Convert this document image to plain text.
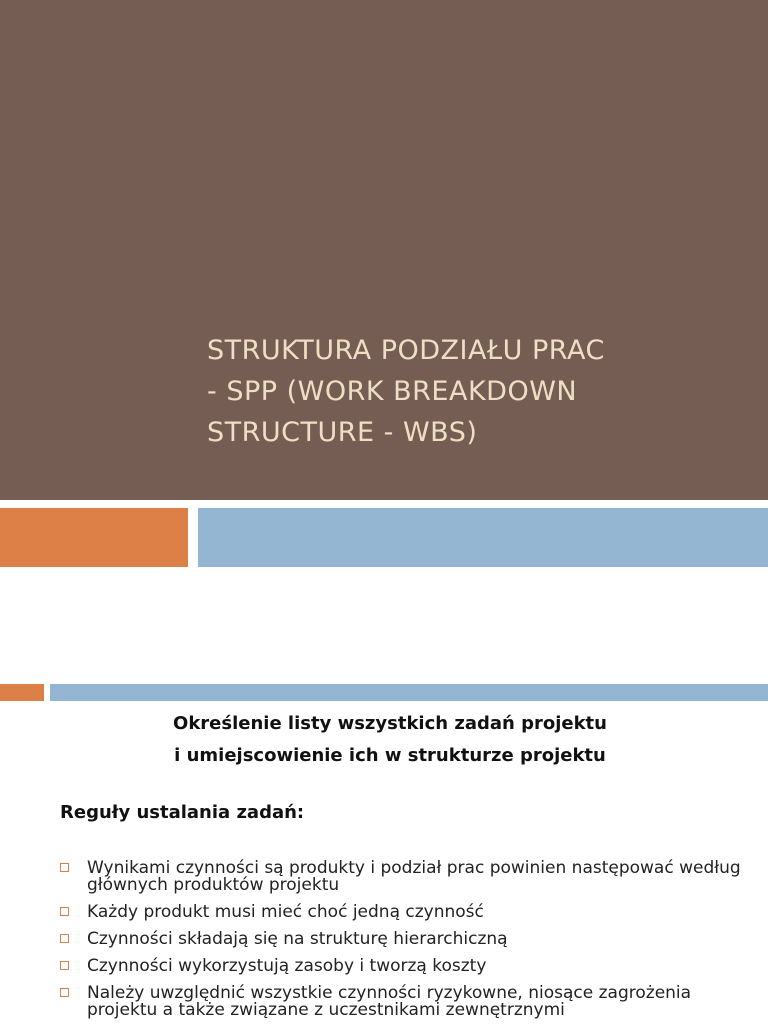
STRUKTURA PODZIAŁU PRAC
- SPP (WORK BREAKDOWN
STRUCTURE - WBS)
Określenie listy wszystkich zadań projektu
i umiejscowienie ich w strukturze projektu
Reguły ustalania zadań:
Wynikami czynności są produkty i podział prac powinien następować według głównych produktów projektu
Każdy produkt musi mieć choć jedną czynność
Czynności składają się na strukturę hierarchiczną
Czynności wykorzystują zasoby i tworzą koszty
Należy uwzględnić wszystkie czynności ryzykowne, niosące zagrożenia projektu a także związane z uczestnikami zewnętrznymi
